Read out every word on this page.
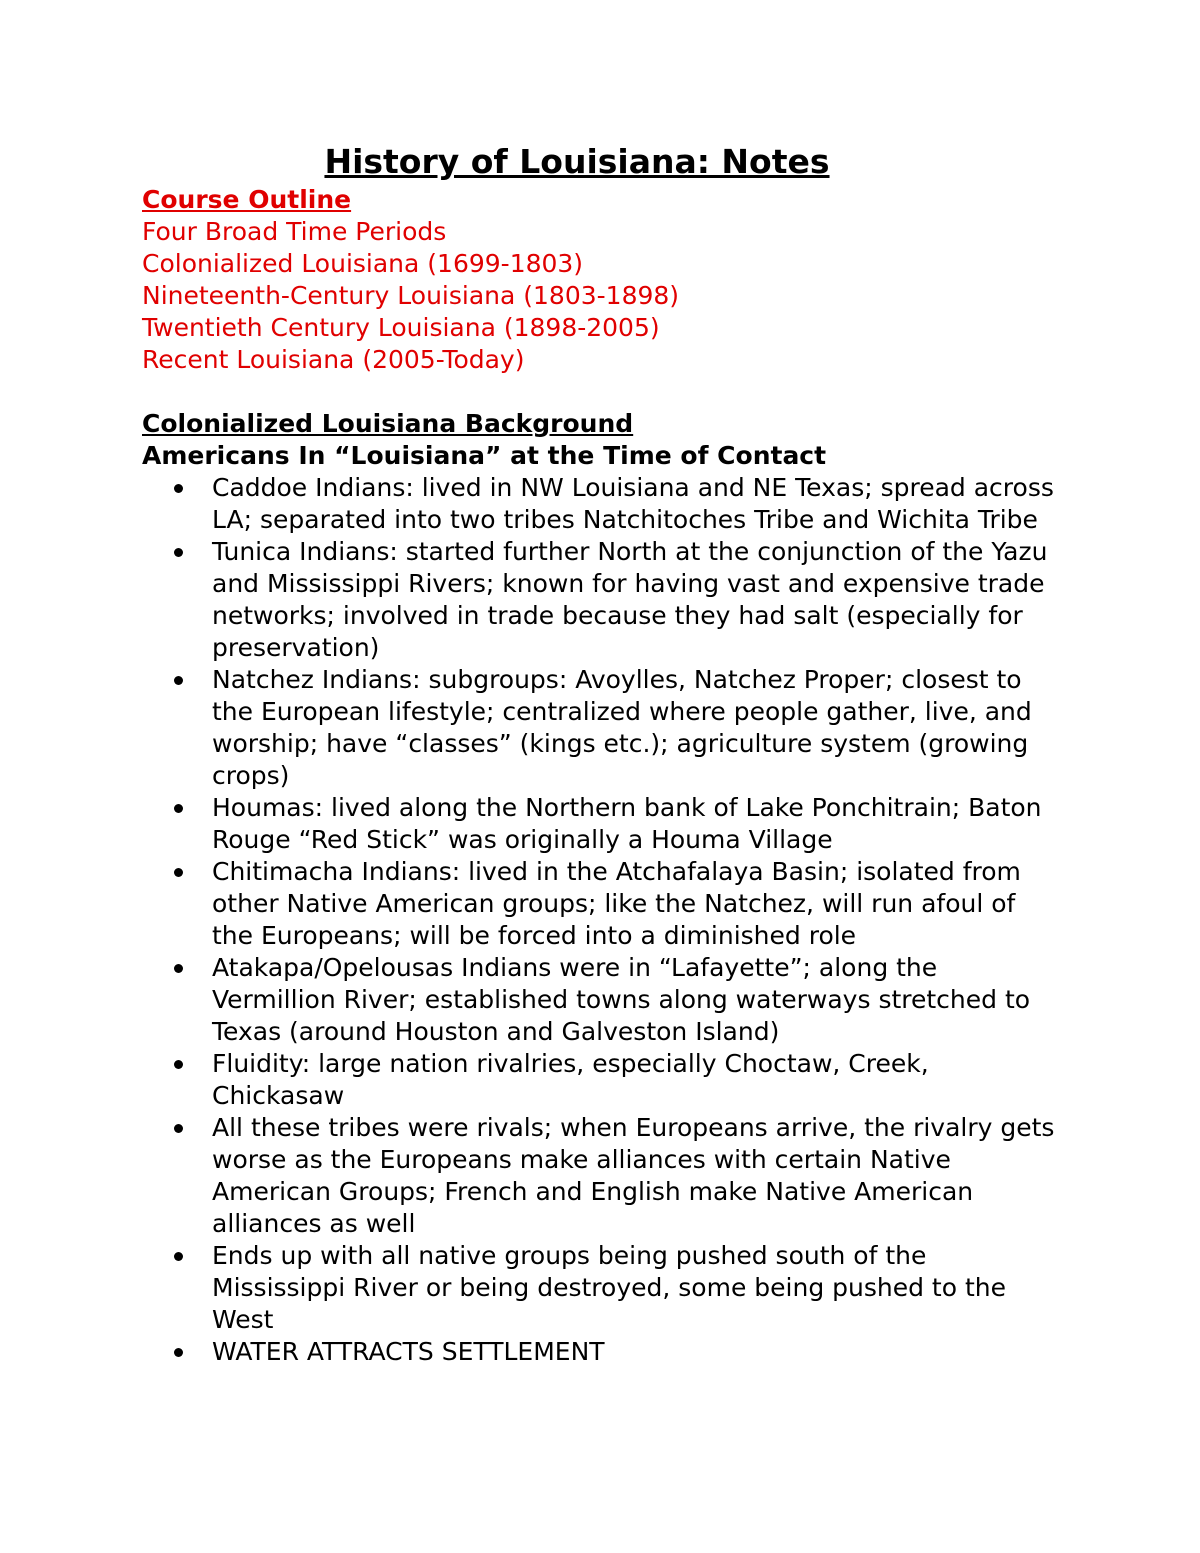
History of Louisiana: Notes
Course Outline
Four Broad Time Periods
Colonialized Louisiana (1699-1803)
Nineteenth-Century Louisiana (1803-1898)
Twentieth Century Louisiana (1898-2005)
Recent Louisiana (2005-Today)
Colonialized Louisiana Background
Americans In “Louisiana” at the Time of Contact
Caddoe Indians: lived in NW Louisiana and NE Texas; spread across LA; separated into two tribes Natchitoches Tribe and Wichita Tribe
Tunica Indians: started further North at the conjunction of the Yazu and Mississippi Rivers; known for having vast and expensive trade networks; involved in trade because they had salt (especially for preservation)
Natchez Indians: subgroups: Avoylles, Natchez Proper; closest to the European lifestyle; centralized where people gather, live, and worship; have “classes” (kings etc.); agriculture system (growing crops)
Houmas: lived along the Northern bank of Lake Ponchitrain; Baton Rouge “Red Stick” was originally a Houma Village
Chitimacha Indians: lived in the Atchafalaya Basin; isolated from other Native American groups; like the Natchez, will run afoul of the Europeans; will be forced into a diminished role
Atakapa/Opelousas Indians were in “Lafayette”; along the Vermillion River; established towns along waterways stretched to Texas (around Houston and Galveston Island)
Fluidity: large nation rivalries, especially Choctaw, Creek, Chickasaw
All these tribes were rivals; when Europeans arrive, the rivalry gets worse as the Europeans make alliances with certain Native American Groups; French and English make Native American alliances as well
Ends up with all native groups being pushed south of the Mississippi River or being destroyed, some being pushed to the West
WATER ATTRACTS SETTLEMENT
